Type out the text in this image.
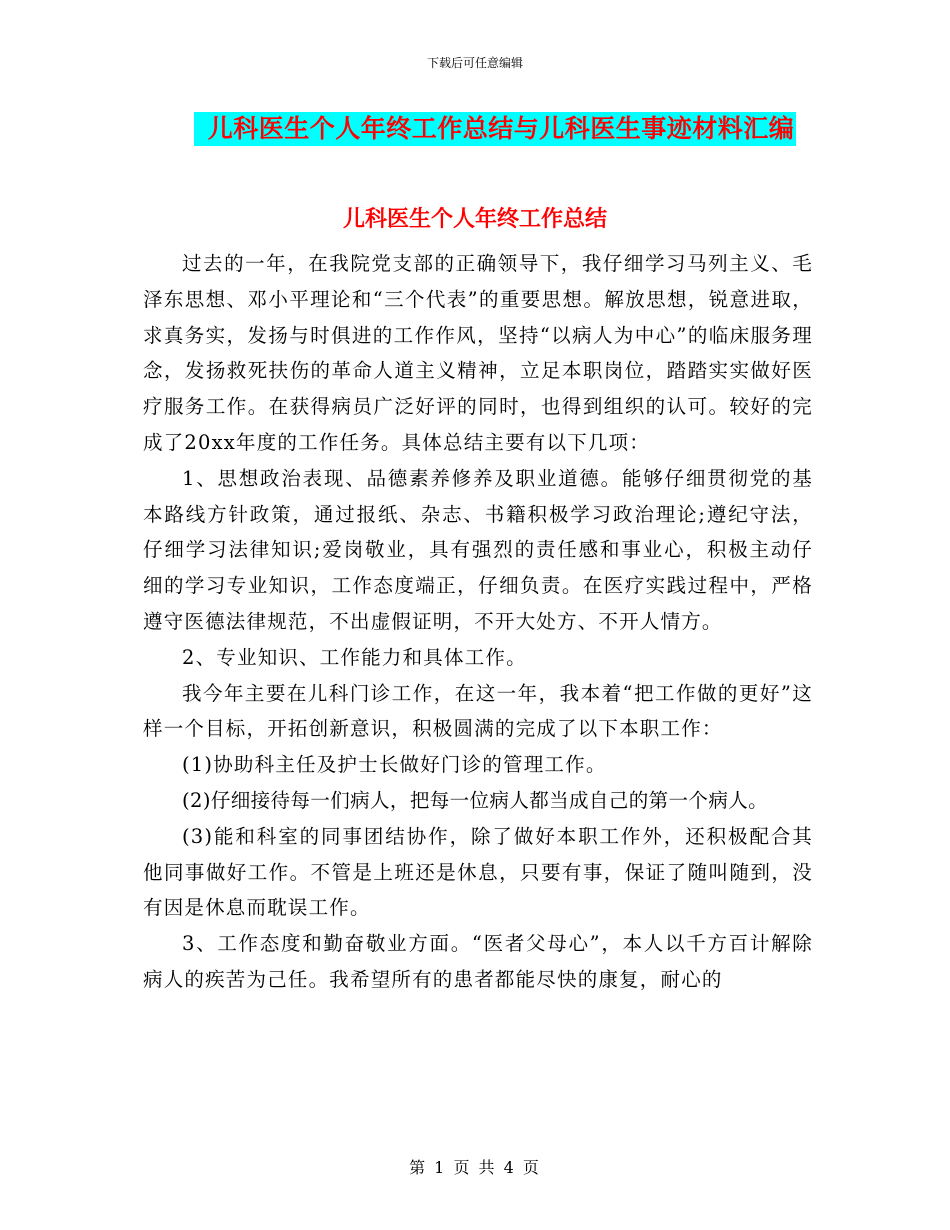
下载后可任意编辑
儿科医生个人年终工作总结与儿科医生事迹材料汇编
儿科医生个人年终工作总结

过去的一年，在我院党支部的正确领导下，我仔细学习马列主义、毛泽东思想、邓小平理论和“三个代表”的重要思想。解放思想，锐意进取，求真务实，发扬与时俱进的工作作风，坚持“以病人为中心”的临床服务理念，发扬救死扶伤的革命人道主义精神，立足本职岗位，踏踏实实做好医疗服务工作。在获得病员广泛好评的同时，也得到组织的认可。较好的完成了20xx年度的工作任务。具体总结主要有以下几项：

1、思想政治表现、品德素养修养及职业道德。能够仔细贯彻党的基本路线方针政策，通过报纸、杂志、书籍积极学习政治理论;遵纪守法，仔细学习法律知识;爱岗敬业，具有强烈的责任感和事业心，积极主动仔细的学习专业知识，工作态度端正，仔细负责。在医疗实践过程中，严格遵守医德法律规范，不出虚假证明，不开大处方、不开人情方。

2、专业知识、工作能力和具体工作。

我今年主要在儿科门诊工作，在这一年，我本着“把工作做的更好”这样一个目标，开拓创新意识，积极圆满的完成了以下本职工作：

(1)协助科主任及护士长做好门诊的管理工作。

(2)仔细接待每一们病人，把每一位病人都当成自己的第一个病人。

(3)能和科室的同事团结协作，除了做好本职工作外，还积极配合其他同事做好工作。不管是上班还是休息，只要有事，保证了随叫随到，没有因是休息而耽误工作。

3、工作态度和勤奋敬业方面。“医者父母心”，本人以千方百计解除病人的疾苦为己任。我希望所有的患者都能尽快的康复，耐心的

第 1 页 共 4 页
